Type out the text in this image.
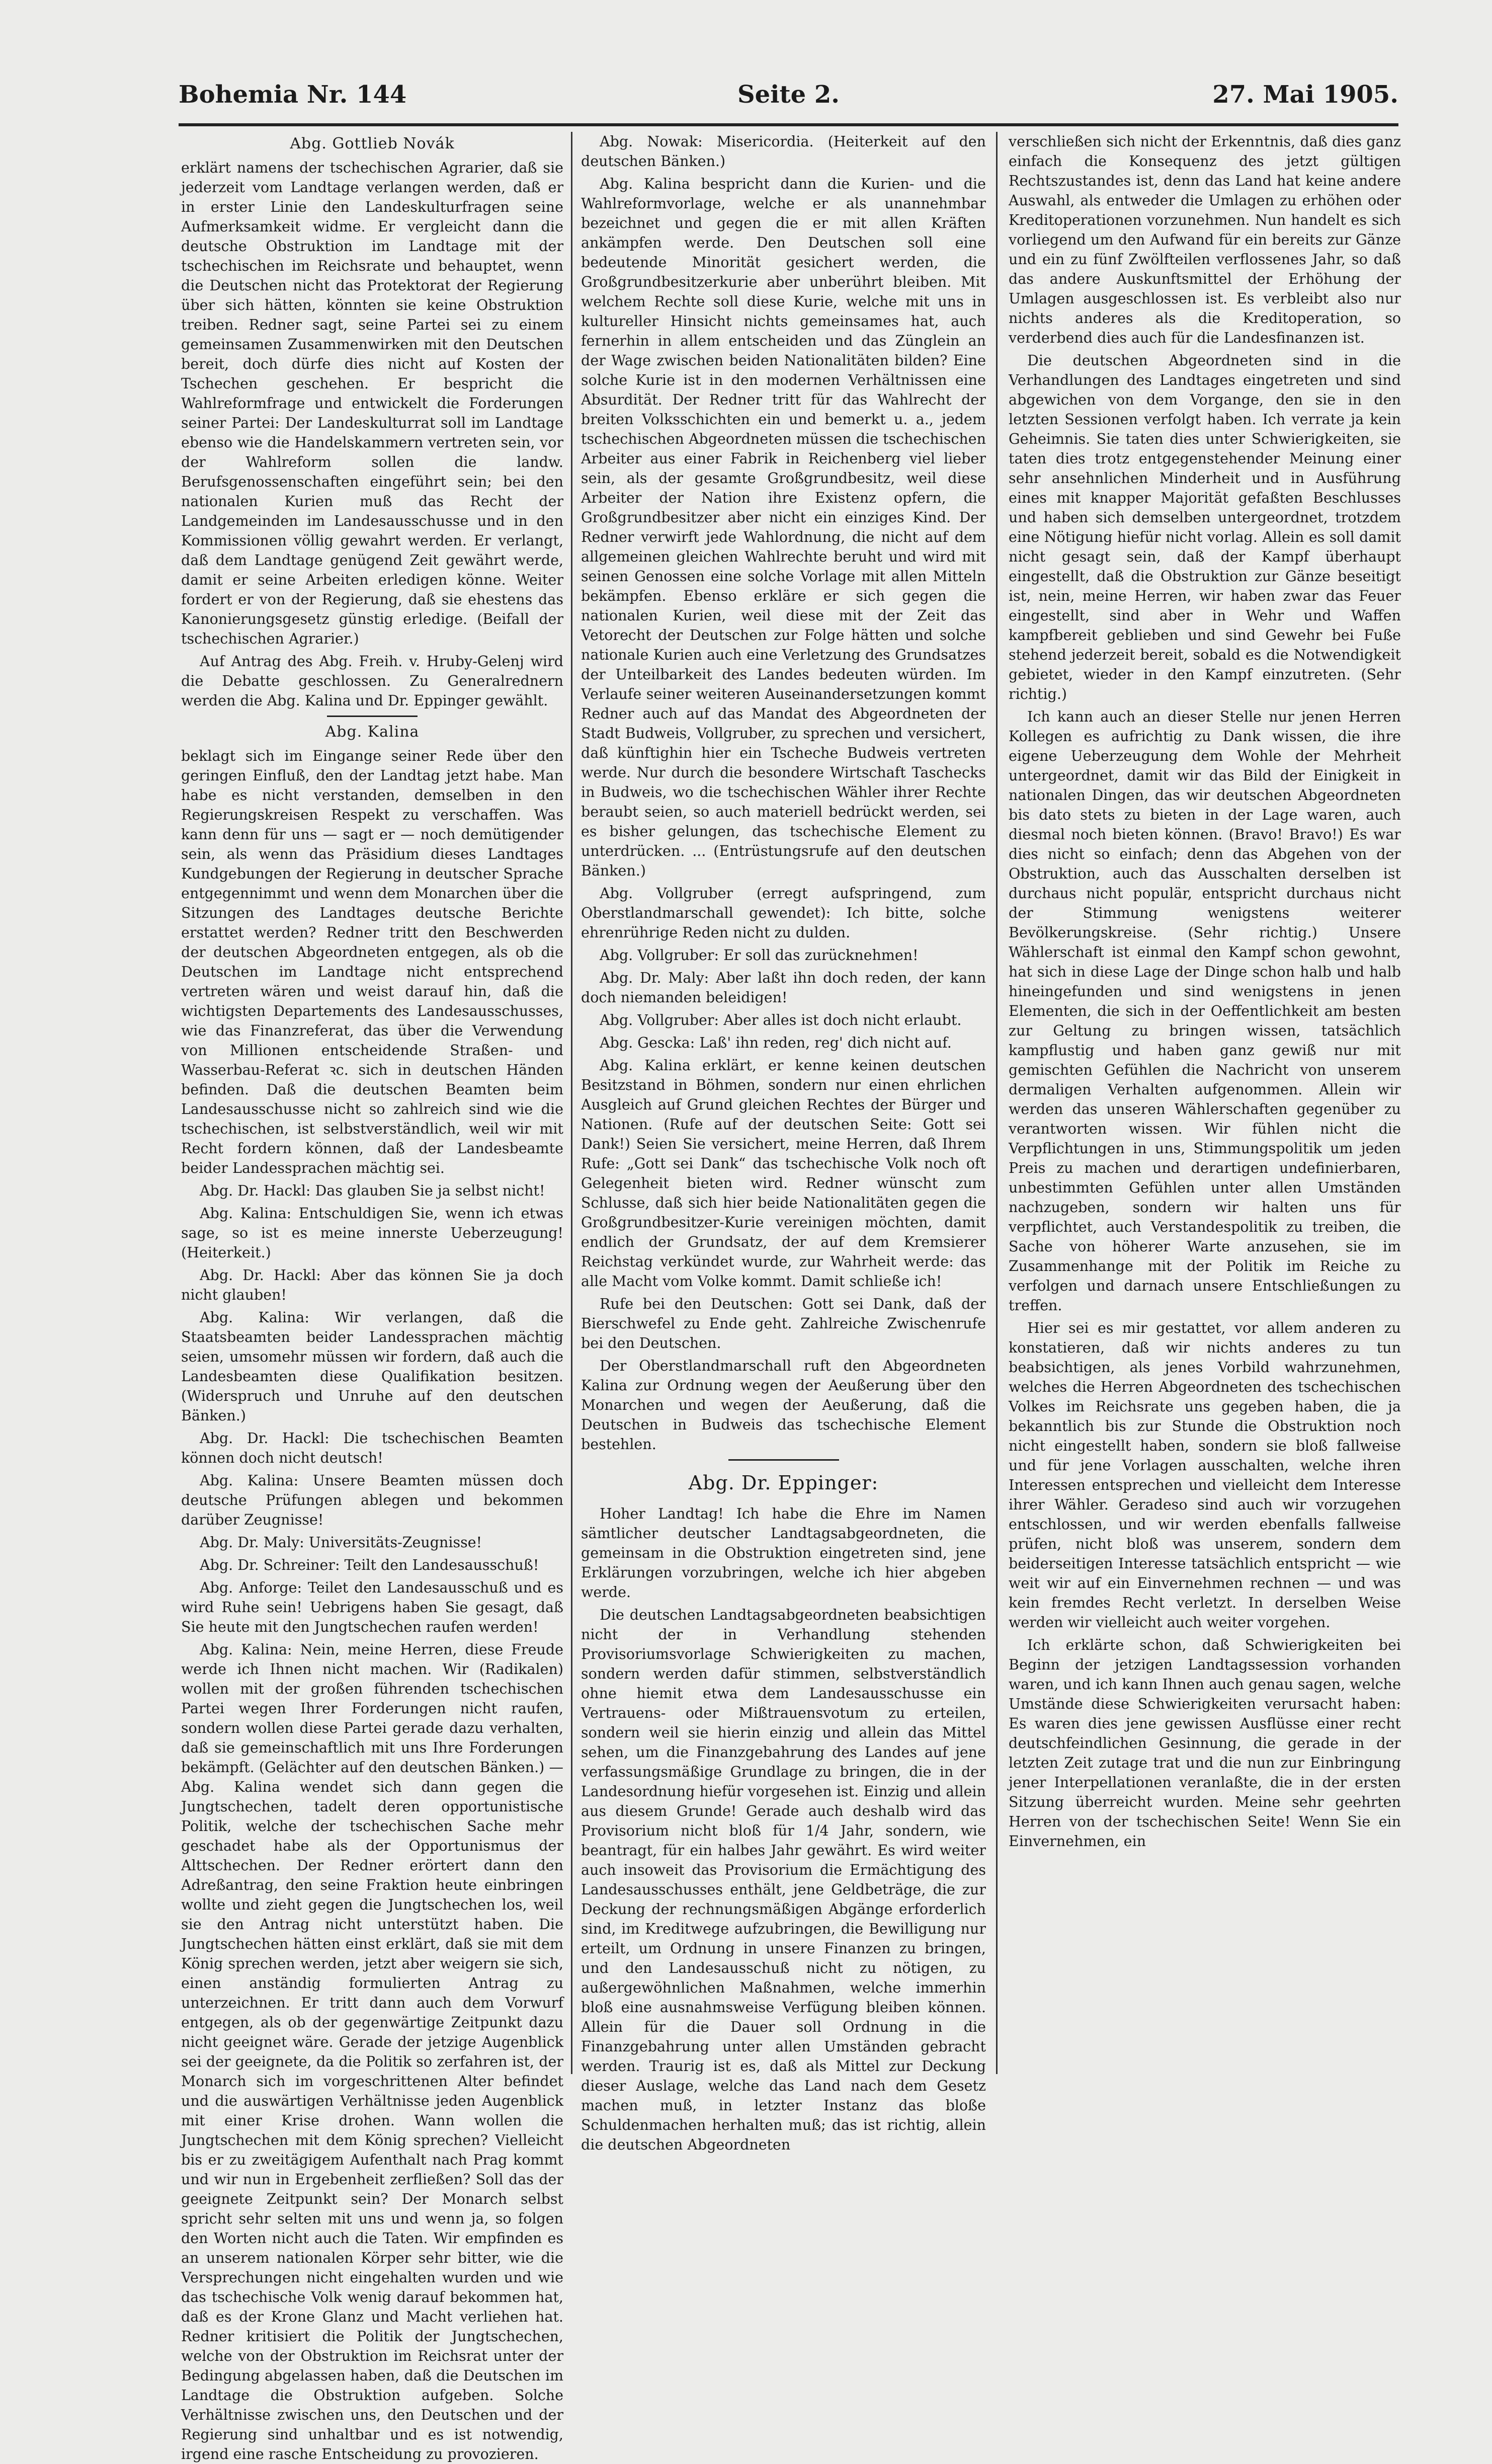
Bohemia Nr. 144	Seite 2.	27. Mai 1905.
Abg. Gottlieb Novák

erklärt namens der tschechischen Agrarier, daß sie jederzeit vom Landtage verlangen werden, daß er in erster Linie den Landeskulturfragen seine Aufmerksamkeit widme. Er vergleicht dann die deutsche Obstruktion im Landtage mit der tschechischen im Reichsrate und behauptet, wenn die Deutschen nicht das Protektorat der Regierung über sich hätten, könnten sie keine Obstruktion treiben. Redner sagt, seine Partei sei zu einem gemeinsamen Zusammenwirken mit den Deutschen bereit, doch dürfe dies nicht auf Kosten der Tschechen geschehen. Er bespricht die Wahlreformfrage und entwickelt die Forderungen seiner Partei: Der Landeskulturrat soll im Landtage ebenso wie die Handelskammern vertreten sein, vor der Wahlreform sollen die landw. Berufsgenossenschaften eingeführt sein; bei den nationalen Kurien muß das Recht der Landgemeinden im Landesausschusse und in den Kommissionen völlig gewahrt werden. Er verlangt, daß dem Landtage genügend Zeit gewährt werde, damit er seine Arbeiten erledigen könne. Weiter fordert er von der Regierung, daß sie ehestens das Kanonierungsgesetz günstig erledige. (Beifall der tschechischen Agrarier.)

Auf Antrag des Abg. Freih. v. Hruby-Gelenj wird die Debatte geschlossen. Zu Generalrednern werden die Abg. Kalina und Dr. Eppinger gewählt.

Abg. Kalina

beklagt sich im Eingange seiner Rede über den geringen Einfluß, den der Landtag jetzt habe. Man habe es nicht verstanden, demselben in den Regierungskreisen Respekt zu verschaffen. Was kann denn für uns — sagt er — noch demütigender sein, als wenn das Präsidium dieses Landtages Kundgebungen der Regierung in deutscher Sprache entgegennimmt und wenn dem Monarchen über die Sitzungen des Landtages deutsche Berichte erstattet werden? Redner tritt den Beschwerden der deutschen Abgeordneten entgegen, als ob die Deutschen im Landtage nicht entsprechend vertreten wären und weist darauf hin, daß die wichtigsten Departements des Landesausschusses, wie das Finanzreferat, das über die Verwendung von Millionen entscheidende Straßen- und Wasserbau-Referat ꝛc. sich in deutschen Händen befinden. Daß die deutschen Beamten beim Landesausschusse nicht so zahlreich sind wie die tschechischen, ist selbstverständlich, weil wir mit Recht fordern können, daß der Landesbeamte beider Landessprachen mächtig sei.

Abg. Dr. Hackl: Das glauben Sie ja selbst nicht!

Abg. Kalina: Entschuldigen Sie, wenn ich etwas sage, so ist es meine innerste Ueberzeugung! (Heiterkeit.)

Abg. Dr. Hackl: Aber das können Sie ja doch nicht glauben!

Abg. Kalina: Wir verlangen, daß die Staatsbeamten beider Landessprachen mächtig seien, umsomehr müssen wir fordern, daß auch die Landesbeamten diese Qualifikation besitzen. (Widerspruch und Unruhe auf den deutschen Bänken.)

Abg. Dr. Hackl: Die tschechischen Beamten können doch nicht deutsch!

Abg. Kalina: Unsere Beamten müssen doch deutsche Prüfungen ablegen und bekommen darüber Zeugnisse!

Abg. Dr. Maly: Universitäts-Zeugnisse!

Abg. Dr. Schreiner: Teilt den Landesausschuß!

Abg. Anforge: Teilet den Landesausschuß und es wird Ruhe sein! Uebrigens haben Sie gesagt, daß Sie heute mit den Jungtschechen raufen werden!

Abg. Kalina: Nein, meine Herren, diese Freude werde ich Ihnen nicht machen. Wir (Radikalen) wollen mit der großen führenden tschechischen Partei wegen Ihrer Forderungen nicht raufen, sondern wollen diese Partei gerade dazu verhalten, daß sie gemeinschaftlich mit uns Ihre Forderungen bekämpft. (Gelächter auf den deutschen Bänken.) — Abg. Kalina wendet sich dann gegen die Jungtschechen, tadelt deren opportunistische Politik, welche der tschechischen Sache mehr geschadet habe als der Opportunismus der Alttschechen. Der Redner erörtert dann den Adreßantrag, den seine Fraktion heute einbringen wollte und zieht gegen die Jungtschechen los, weil sie den Antrag nicht unterstützt haben. Die Jungtschechen hätten einst erklärt, daß sie mit dem König sprechen werden, jetzt aber weigern sie sich, einen anständig formulierten Antrag zu unterzeichnen. Er tritt dann auch dem Vorwurf entgegen, als ob der gegenwärtige Zeitpunkt dazu nicht geeignet wäre. Gerade der jetzige Augenblick sei der geeignete, da die Politik so zerfahren ist, der Monarch sich im vorgeschrittenen Alter befindet und die auswärtigen Verhältnisse jeden Augenblick mit einer Krise drohen. Wann wollen die Jungtschechen mit dem König sprechen? Vielleicht bis er zu zweitägigem Aufenthalt nach Prag kommt und wir nun in Ergebenheit zerfließen? Soll das der geeignete Zeitpunkt sein? Der Monarch selbst spricht sehr selten mit uns und wenn ja, so folgen den Worten nicht auch die Taten. Wir empfinden es an unserem nationalen Körper sehr bitter, wie die Versprechungen nicht eingehalten wurden und wie das tschechische Volk wenig darauf bekommen hat, daß es der Krone Glanz und Macht verliehen hat. Redner kritisiert die Politik der Jungtschechen, welche von der Obstruktion im Reichsrat unter der Bedingung abgelassen haben, daß die Deutschen im Landtage die Obstruktion aufgeben. Solche Verhältnisse zwischen uns, den Deutschen und der Regierung sind unhaltbar und es ist notwendig, irgend eine rasche Entscheidung zu provozieren.

Abg. Nowak: Misericordia. (Heiterkeit auf den deutschen Bänken.)

Abg. Kalina bespricht dann die Kurien- und die Wahlreformvorlage, welche er als unannehmbar bezeichnet und gegen die er mit allen Kräften ankämpfen werde. Den Deutschen soll eine bedeutende Minorität gesichert werden, die Großgrundbesitzerkurie aber unberührt bleiben. Mit welchem Rechte soll diese Kurie, welche mit uns in kultureller Hinsicht nichts gemeinsames hat, auch fernerhin in allem entscheiden und das Zünglein an der Wage zwischen beiden Nationalitäten bilden? Eine solche Kurie ist in den modernen Verhältnissen eine Absurdität. Der Redner tritt für das Wahlrecht der breiten Volksschichten ein und bemerkt u. a., jedem tschechischen Abgeordneten müssen die tschechischen Arbeiter aus einer Fabrik in Reichenberg viel lieber sein, als der gesamte Großgrundbesitz, weil diese Arbeiter der Nation ihre Existenz opfern, die Großgrundbesitzer aber nicht ein einziges Kind. Der Redner verwirft jede Wahlordnung, die nicht auf dem allgemeinen gleichen Wahlrechte beruht und wird mit seinen Genossen eine solche Vorlage mit allen Mitteln bekämpfen. Ebenso erkläre er sich gegen die nationalen Kurien, weil diese mit der Zeit das Vetorecht der Deutschen zur Folge hätten und solche nationale Kurien auch eine Verletzung des Grundsatzes der Unteilbarkeit des Landes bedeuten würden. Im Verlaufe seiner weiteren Auseinandersetzungen kommt Redner auch auf das Mandat des Abgeordneten der Stadt Budweis, Vollgruber, zu sprechen und versichert, daß künftighin hier ein Tscheche Budweis vertreten werde. Nur durch die besondere Wirtschaft Taschecks in Budweis, wo die tschechischen Wähler ihrer Rechte beraubt seien, so auch materiell bedrückt werden, sei es bisher gelungen, das tschechische Element zu unterdrücken. ... (Entrüstungsrufe auf den deutschen Bänken.)

Abg. Vollgruber (erregt aufspringend, zum Oberstlandmarschall gewendet): Ich bitte, solche ehrenrührige Reden nicht zu dulden.

Abg. Vollgruber: Er soll das zurücknehmen!

Abg. Dr. Maly: Aber laßt ihn doch reden, der kann doch niemanden beleidigen!

Abg. Vollgruber: Aber alles ist doch nicht erlaubt.

Abg. Gescka: Laß' ihn reden, reg' dich nicht auf.

Abg. Kalina erklärt, er kenne keinen deutschen Besitzstand in Böhmen, sondern nur einen ehrlichen Ausgleich auf Grund gleichen Rechtes der Bürger und Nationen. (Rufe auf der deutschen Seite: Gott sei Dank!) Seien Sie versichert, meine Herren, daß Ihrem Rufe: „Gott sei Dank“ das tschechische Volk noch oft Gelegenheit bieten wird. Redner wünscht zum Schlusse, daß sich hier beide Nationalitäten gegen die Großgrundbesitzer-Kurie vereinigen möchten, damit endlich der Grundsatz, der auf dem Kremsierer Reichstag verkündet wurde, zur Wahrheit werde: das alle Macht vom Volke kommt. Damit schließe ich!

Rufe bei den Deutschen: Gott sei Dank, daß der Bierschwefel zu Ende geht. Zahlreiche Zwischenrufe bei den Deutschen.

Der Oberstlandmarschall ruft den Abgeordneten Kalina zur Ordnung wegen der Aeußerung über den Monarchen und wegen der Aeußerung, daß die Deutschen in Budweis das tschechische Element bestehlen.

Abg. Dr. Eppinger:

Hoher Landtag! Ich habe die Ehre im Namen sämtlicher deutscher Landtagsabgeordneten, die gemeinsam in die Obstruktion eingetreten sind, jene Erklärungen vorzubringen, welche ich hier abgeben werde.

Die deutschen Landtagsabgeordneten beabsichtigen nicht der in Verhandlung stehenden Provisoriumsvorlage Schwierigkeiten zu machen, sondern werden dafür stimmen, selbstverständlich ohne hiemit etwa dem Landesausschusse ein Vertrauens- oder Mißtrauensvotum zu erteilen, sondern weil sie hierin einzig und allein das Mittel sehen, um die Finanzgebahrung des Landes auf jene verfassungsmäßige Grundlage zu bringen, die in der Landesordnung hiefür vorgesehen ist. Einzig und allein aus diesem Grunde! Gerade auch deshalb wird das Provisorium nicht bloß für 1/4 Jahr, sondern, wie beantragt, für ein halbes Jahr gewährt. Es wird weiter auch insoweit das Provisorium die Ermächtigung des Landesausschusses enthält, jene Geldbeträge, die zur Deckung der rechnungsmäßigen Abgänge erforderlich sind, im Kreditwege aufzubringen, die Bewilligung nur erteilt, um Ordnung in unsere Finanzen zu bringen, und den Landesausschuß nicht zu nötigen, zu außergewöhnlichen Maßnahmen, welche immerhin bloß eine ausnahmsweise Verfügung bleiben können. Allein für die Dauer soll Ordnung in die Finanzgebahrung unter allen Umständen gebracht werden. Traurig ist es, daß als Mittel zur Deckung dieser Auslage, welche das Land nach dem Gesetz machen muß, in letzter Instanz das bloße Schuldenmachen herhalten muß; das ist richtig, allein die deutschen Abgeordneten

verschließen sich nicht der Erkenntnis, daß dies ganz einfach die Konsequenz des jetzt gültigen Rechtszustandes ist, denn das Land hat keine andere Auswahl, als entweder die Umlagen zu erhöhen oder Kreditoperationen vorzunehmen. Nun handelt es sich vorliegend um den Aufwand für ein bereits zur Gänze und ein zu fünf Zwölfteilen verflossenes Jahr, so daß das andere Auskunftsmittel der Erhöhung der Umlagen ausgeschlossen ist. Es verbleibt also nur nichts anderes als die Kreditoperation, so verderbend dies auch für die Landesfinanzen ist.

Die deutschen Abgeordneten sind in die Verhandlungen des Landtages eingetreten und sind abgewichen von dem Vorgange, den sie in den letzten Sessionen verfolgt haben. Ich verrate ja kein Geheimnis. Sie taten dies unter Schwierigkeiten, sie taten dies trotz entgegenstehender Meinung einer sehr ansehnlichen Minderheit und in Ausführung eines mit knapper Majorität gefaßten Beschlusses und haben sich demselben untergeordnet, trotzdem eine Nötigung hiefür nicht vorlag. Allein es soll damit nicht gesagt sein, daß der Kampf überhaupt eingestellt, daß die Obstruktion zur Gänze beseitigt ist, nein, meine Herren, wir haben zwar das Feuer eingestellt, sind aber in Wehr und Waffen kampfbereit geblieben und sind Gewehr bei Fuße stehend jederzeit bereit, sobald es die Notwendigkeit gebietet, wieder in den Kampf einzutreten. (Sehr richtig.)

Ich kann auch an dieser Stelle nur jenen Herren Kollegen es aufrichtig zu Dank wissen, die ihre eigene Ueberzeugung dem Wohle der Mehrheit untergeordnet, damit wir das Bild der Einigkeit in nationalen Dingen, das wir deutschen Abgeordneten bis dato stets zu bieten in der Lage waren, auch diesmal noch bieten können. (Bravo! Bravo!) Es war dies nicht so einfach; denn das Abgehen von der Obstruktion, auch das Ausschalten derselben ist durchaus nicht populär, entspricht durchaus nicht der Stimmung wenigstens weiterer Bevölkerungskreise. (Sehr richtig.) Unsere Wählerschaft ist einmal den Kampf schon gewohnt, hat sich in diese Lage der Dinge schon halb und halb hineingefunden und sind wenigstens in jenen Elementen, die sich in der Oeffentlichkeit am besten zur Geltung zu bringen wissen, tatsächlich kampflustig und haben ganz gewiß nur mit gemischten Gefühlen die Nachricht von unserem dermaligen Verhalten aufgenommen. Allein wir werden das unseren Wählerschaften gegenüber zu verantworten wissen. Wir fühlen nicht die Verpflichtungen in uns, Stimmungspolitik um jeden Preis zu machen und derartigen undefinierbaren, unbestimmten Gefühlen unter allen Umständen nachzugeben, sondern wir halten uns für verpflichtet, auch Verstandespolitik zu treiben, die Sache von höherer Warte anzusehen, sie im Zusammenhange mit der Politik im Reiche zu verfolgen und darnach unsere Entschließungen zu treffen.

Hier sei es mir gestattet, vor allem anderen zu konstatieren, daß wir nichts anderes zu tun beabsichtigen, als jenes Vorbild wahrzunehmen, welches die Herren Abgeordneten des tschechischen Volkes im Reichsrate uns gegeben haben, die ja bekanntlich bis zur Stunde die Obstruktion noch nicht eingestellt haben, sondern sie bloß fallweise und für jene Vorlagen ausschalten, welche ihren Interessen entsprechen und vielleicht dem Interesse ihrer Wähler. Geradeso sind auch wir vorzugehen entschlossen, und wir werden ebenfalls fallweise prüfen, nicht bloß was unserem, sondern dem beiderseitigen Interesse tatsächlich entspricht — wie weit wir auf ein Einvernehmen rechnen — und was kein fremdes Recht verletzt. In derselben Weise werden wir vielleicht auch weiter vorgehen.

Ich erklärte schon, daß Schwierigkeiten bei Beginn der jetzigen Landtagssession vorhanden waren, und ich kann Ihnen auch genau sagen, welche Umstände diese Schwierigkeiten verursacht haben: Es waren dies jene gewissen Ausflüsse einer recht deutschfeindlichen Gesinnung, die gerade in der letzten Zeit zutage trat und die nun zur Einbringung jener Interpellationen veranlaßte, die in der ersten Sitzung überreicht wurden. Meine sehr geehrten Herren von der tschechischen Seite! Wenn Sie ein Einvernehmen, ein
